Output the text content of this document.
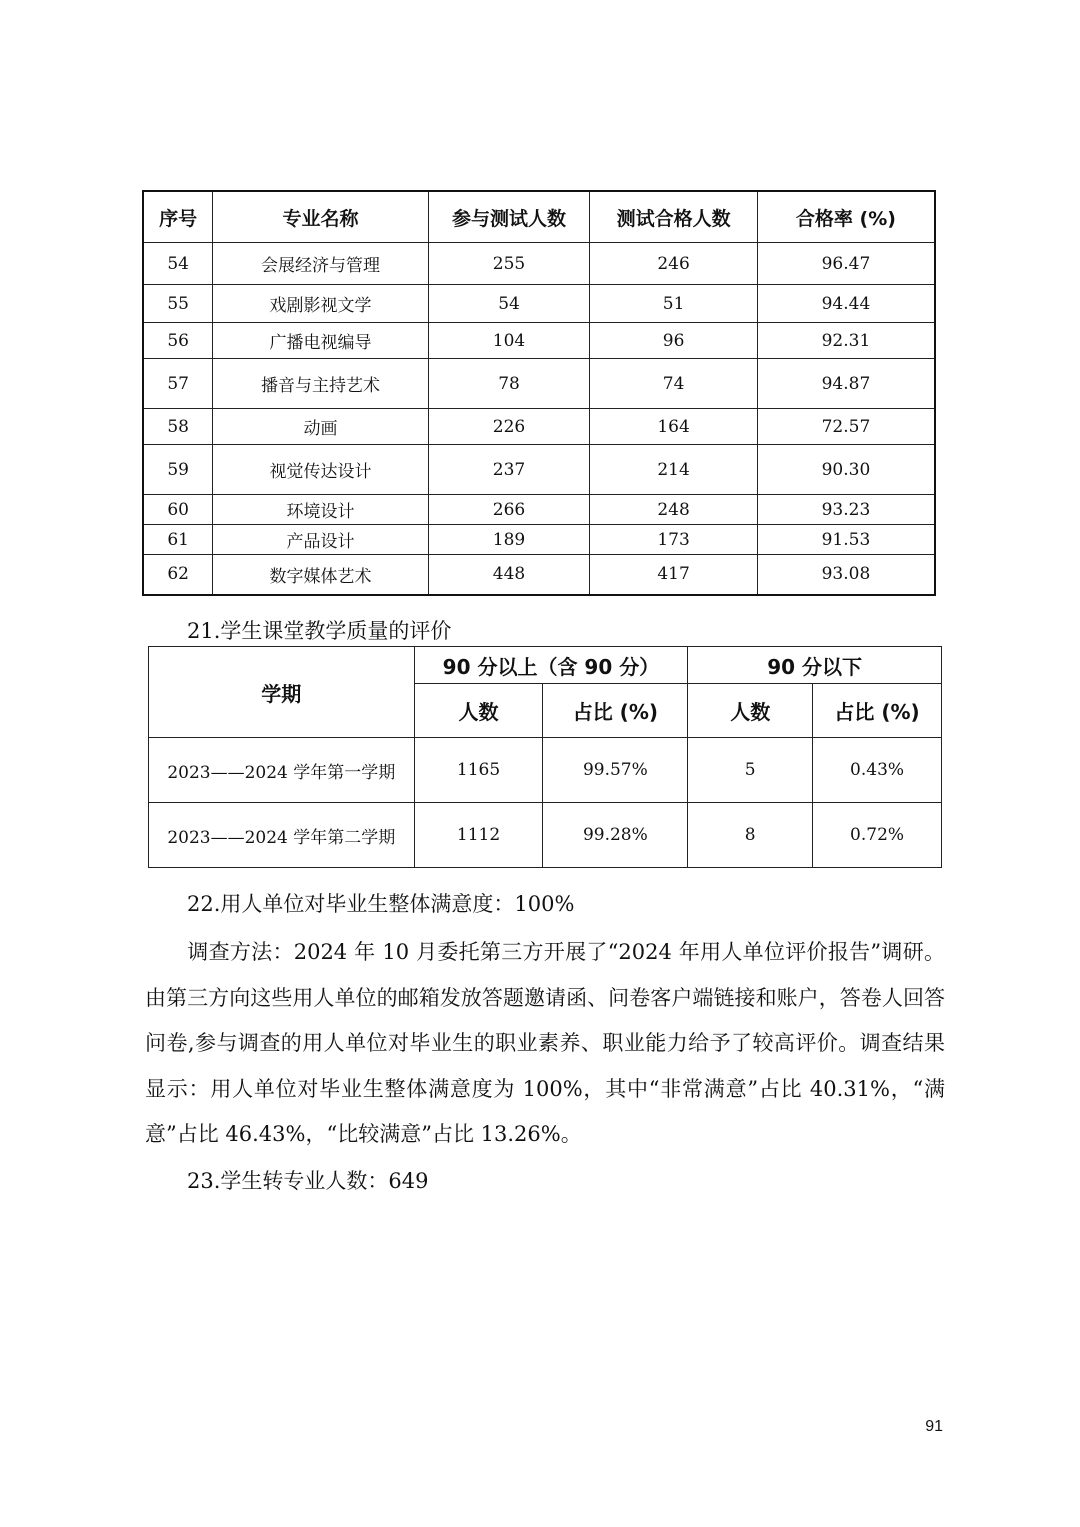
序号	专业名称	参与测试人数	测试合格人数	合格率 (%)
54	会展经济与管理	255	246	96.47
55	戏剧影视文学	54	51	94.44
56	广播电视编导	104	96	92.31
57	播音与主持艺术	78	74	94.87
58	动画	226	164	72.57
59	视觉传达设计	237	214	90.30
60	环境设计	266	248	93.23
61	产品设计	189	173	91.53
62	数字媒体艺术	448	417	93.08
21.学生课堂教学质量的评价
学期	90 分以上（含 90 分）		90 分以下	
	人数	占比 (%)	人数	占比 (%)
2023——2024 学年第一学期	1165	99.57%	5	0.43%
2023——2024 学年第二学期	1112	99.28%	8	0.72%
22.用人单位对毕业生整体满意度：100%
调查方法：2024 年 10 月委托第三方开展了“2024 年用人单位评价报告”调研。由第三方向这些用人单位的邮箱发放答题邀请函、问卷客户端链接和账户，答卷人回答问卷,参与调查的用人单位对毕业生的职业素养、职业能力给予了较高评价。调查结果显示：用人单位对毕业生整体满意度为 100%，其中“非常满意”占比 40.31%，“满意”占比 46.43%，“比较满意”占比 13.26%。
23.学生转专业人数：649
91
